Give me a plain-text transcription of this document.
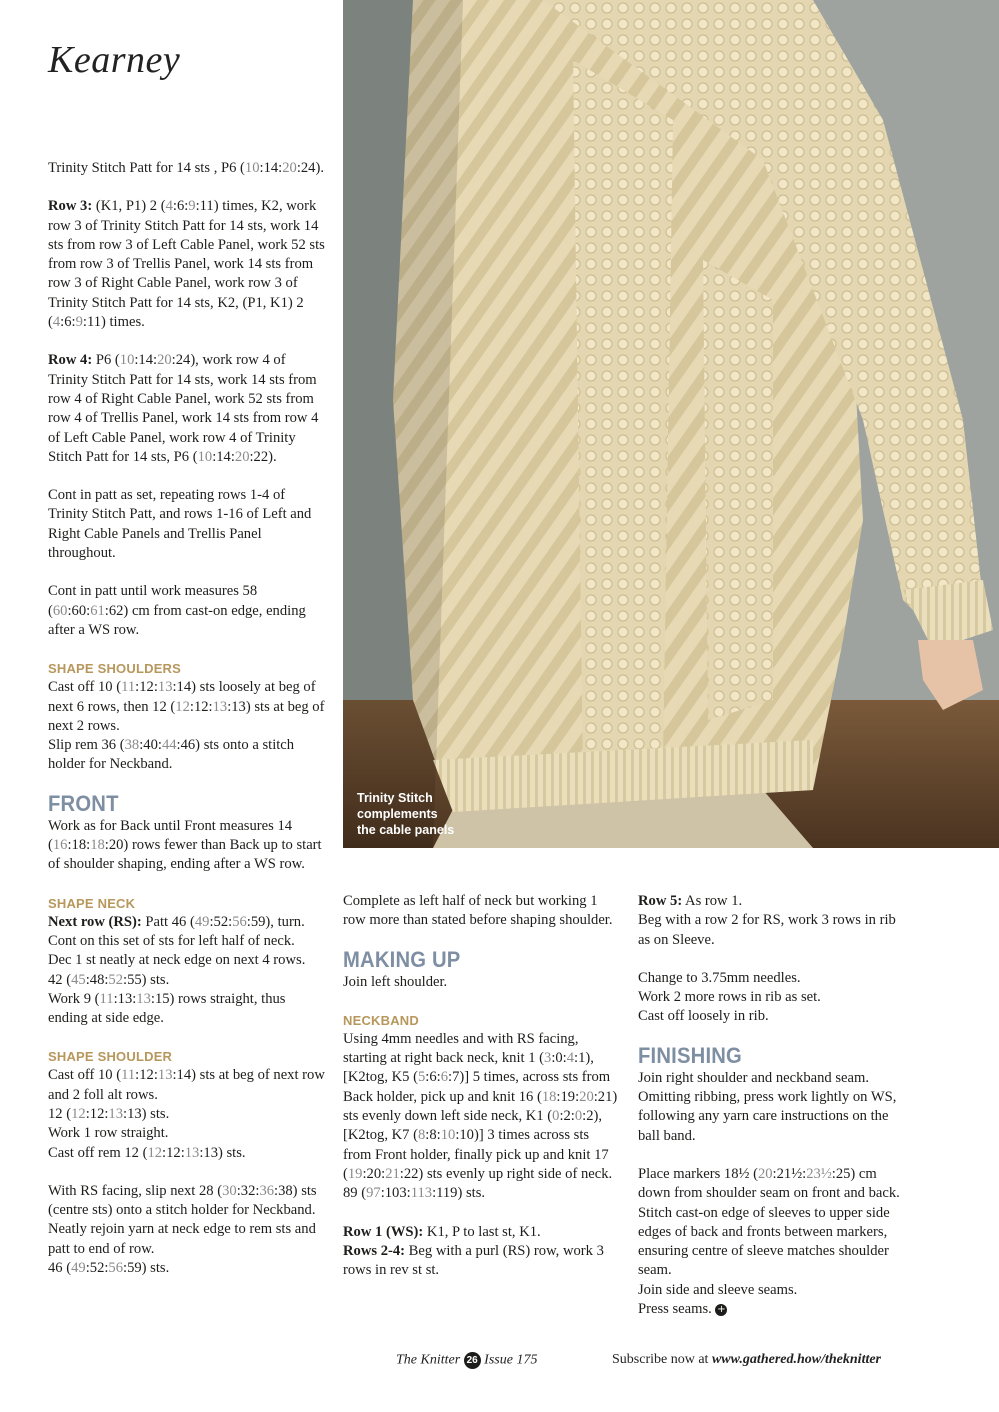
Kearney
Trinity Stitch
complements
the cable panels

Trinity Stitch Patt for 14 sts , P6 (10:14:20:24).

Row 3: (K1, P1) 2 (4:6:9:11) times, K2, work row 3 of Trinity Stitch Patt for 14 sts, work 14 sts from row 3 of Left Cable Panel, work 52 sts from row 3 of Trellis Panel, work 14 sts from row 3 of Right Cable Panel, work row 3 of Trinity Stitch Patt for 14 sts, K2, (P1, K1) 2 (4:6:9:11) times.

Row 4: P6 (10:14:20:24), work row 4 of Trinity Stitch Patt for 14 sts, work 14 sts from row 4 of Right Cable Panel, work 52 sts from row 4 of Trellis Panel, work 14 sts from row 4 of Left Cable Panel, work row 4 of Trinity Stitch Patt for 14 sts, P6 (10:14:20:22).

Cont in patt as set, repeating rows 1-4 of Trinity Stitch Patt, and rows 1-16 of Left and Right Cable Panels and Trellis Panel throughout.

Cont in patt until work measures 58 (60:60:61:62) cm from cast-on edge, ending after a WS row.

SHAPE SHOULDERS

Cast off 10 (11:12:13:14) sts loosely at beg of next 6 rows, then 12 (12:12:13:13) sts at beg of next 2 rows.

Slip rem 36 (38:40:44:46) sts onto a stitch holder for Neckband.

FRONT

Work as for Back until Front measures 14 (16:18:18:20) rows fewer than Back up to start of shoulder shaping, ending after a WS row.

SHAPE NECK

Next row (RS): Patt 46 (49:52:56:59), turn.

Cont on this set of sts for left half of neck.

Dec 1 st neatly at neck edge on next 4 rows.

42 (45:48:52:55) sts.

Work 9 (11:13:13:15) rows straight, thus ending at side edge.

SHAPE SHOULDER

Cast off 10 (11:12:13:14) sts at beg of next row and 2 foll alt rows.

12 (12:12:13:13) sts.

Work 1 row straight.

Cast off rem 12 (12:12:13:13) sts.

With RS facing, slip next 28 (30:32:36:38) sts (centre sts) onto a stitch holder for Neckband. Neatly rejoin yarn at neck edge to rem sts and patt to end of row.

46 (49:52:56:59) sts.

Complete as left half of neck but working 1 row more than stated before shaping shoulder.

MAKING UP

Join left shoulder.

NECKBAND

Using 4mm needles and with RS facing, starting at right back neck, knit 1 (3:0:4:1), [K2tog, K5 (5:6:6:7)] 5 times, across sts from Back holder, pick up and knit 16 (18:19:20:21) sts evenly down left side neck, K1 (0:2:0:2), [K2tog, K7 (8:8:10:10)] 3 times across sts from Front holder, finally pick up and knit 17 (19:20:21:22) sts evenly up right side of neck.

89 (97:103:113:119) sts.

Row 1 (WS): K1, P to last st, K1.

Rows 2-4: Beg with a purl (RS) row, work 3 rows in rev st st.

Row 5: As row 1.

Beg with a row 2 for RS, work 3 rows in rib as on Sleeve.

Change to 3.75mm needles.

Work 2 more rows in rib as set.

Cast off loosely in rib.

FINISHING

Join right shoulder and neckband seam.

Omitting ribbing, press work lightly on WS, following any yarn care instructions on the ball band.

Place markers 18½ (20:21½:23½:25) cm down from shoulder seam on front and back. Stitch cast-on edge of sleeves to upper side edges of back and fronts between markers, ensuring centre of sleeve matches shoulder seam.

Join side and sleeve seams.

Press seams. +

The Knitter 26 Issue 175	Subscribe now at www.gathered.how/theknitter
